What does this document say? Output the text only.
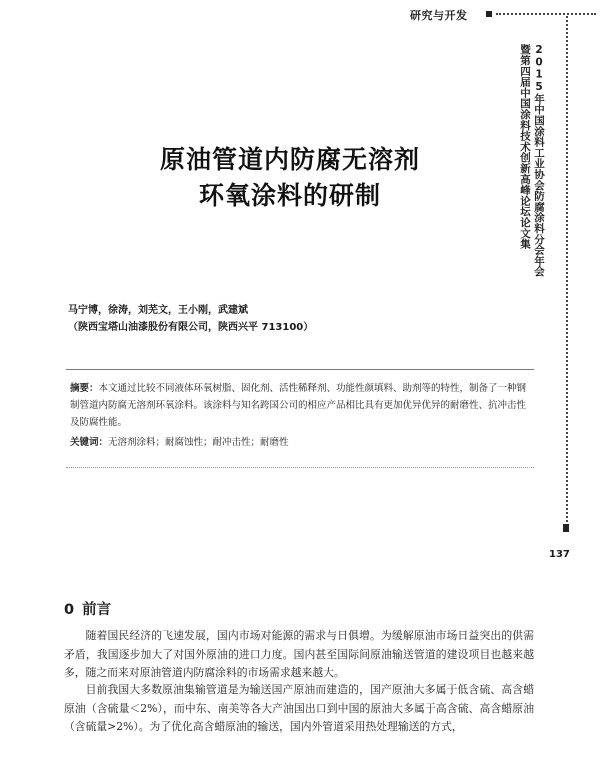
研究与开发
2015年中国涂料工业协会防腐涂料分会年会
暨第四届中国涂料技术创新高峰论坛论文集
137
原油管道内防腐无溶剂
环氧涂料的研制
马宁博，徐涛，刘芜文，王小刚，武建斌
（陕西宝塔山油漆股份有限公司，陕西兴平 713100）
摘要：本文通过比较不同液体环氧树脂、固化剂、活性稀释剂、功能性颜填料、助剂等的特性，制备了一种钢制管道内防腐无溶剂环氧涂料。该涂料与知名跨国公司的相应产品相比具有更加优异优异的耐磨性、抗冲击性及防腐性能。
关键词：无溶剂涂料；耐腐蚀性；耐冲击性；耐磨性
0 前言
随着国民经济的飞速发展，国内市场对能源的需求与日俱增。为缓解原油市场日益突出的供需矛盾，我国逐步加大了对国外原油的进口力度。国内甚至国际间原油输送管道的建设项目也越来越多，随之而来对原油管道内防腐涂料的市场需求越来越大。
目前我国大多数原油集输管道是为输送国产原油而建造的，国产原油大多属于低含硫、高含蜡原油（含硫量＜2%），而中东、南美等各大产油国出口到中国的原油大多属于高含硫、高含蜡原油（含硫量>2%）。为了优化高含蜡原油的输送，国内外管道采用热处理输送的方式，
